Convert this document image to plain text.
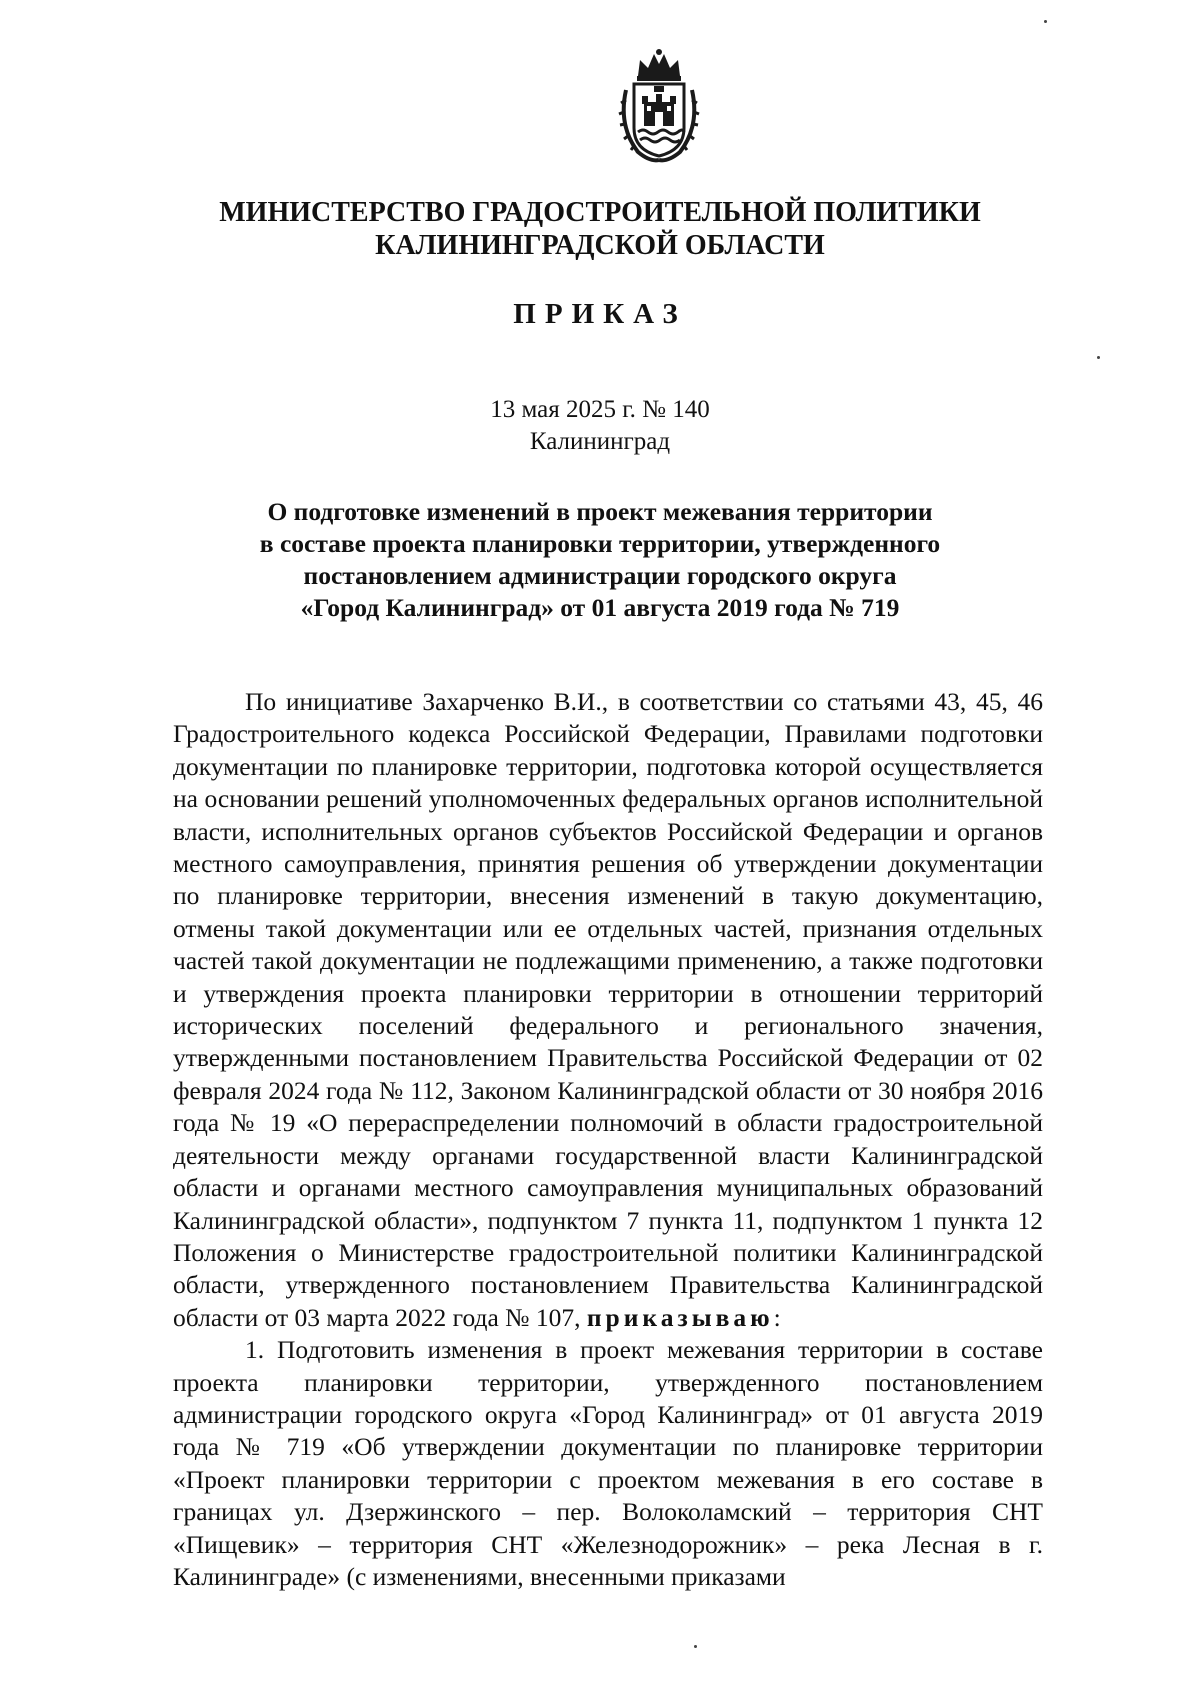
МИНИСТЕРСТВО ГРАДОСТРОИТЕЛЬНОЙ ПОЛИТИКИ
КАЛИНИНГРАДСКОЙ ОБЛАСТИ
ПРИКАЗ
13 мая 2025 г. № 140
Калининград
О подготовке изменений в проект межевания территории
в составе проекта планировки территории, утвержденного
постановлением администрации городского округа
«Город Калининград» от 01 августа 2019 года № 719

По инициативе Захарченко В.И., в соответствии со статьями 43, 45, 46 Градостроительного кодекса Российской Федерации, Правилами подготовки документации по планировке территории, подготовка которой осуществляется на основании решений уполномоченных федеральных органов исполнительной власти, исполнительных органов субъектов Российской Федерации и органов местного самоуправления, принятия решения об утверждении документации по планировке территории, внесения изменений в такую документацию, отмены такой документации или ее отдельных частей, признания отдельных частей такой документации не подлежащими применению, а также подготовки и утверждения проекта планировки территории в отношении территорий исторических поселений федерального и регионального значения, утвержденными постановлением Правительства Российской Федерации от 02 февраля 2024 года № 112, Законом Калининградской области от 30 ноября 2016 года № 19 «О перераспределении полномочий в области градостроительной деятельности между органами государственной власти Калининградской области и органами местного самоуправления муниципальных образований Калининградской области», подпунктом 7 пункта 11, подпунктом 1 пункта 12 Положения о Министерстве градостроительной политики Калининградской области, утвержденного постановлением Правительства Калининградской области от 03 марта 2022 года № 107, приказываю:

1. Подготовить изменения в проект межевания территории в составе проекта планировки территории, утвержденного постановлением администрации городского округа «Город Калининград» от 01 августа 2019 года № 719 «Об утверждении документации по планировке территории «Проект планировки территории с проектом межевания в его составе в границах ул. Дзержинского – пер. Волоколамский – территория СНТ «Пищевик» – территория СНТ «Железнодорожник» – река Лесная в г. Калининграде» (с изменениями, внесенными приказами
